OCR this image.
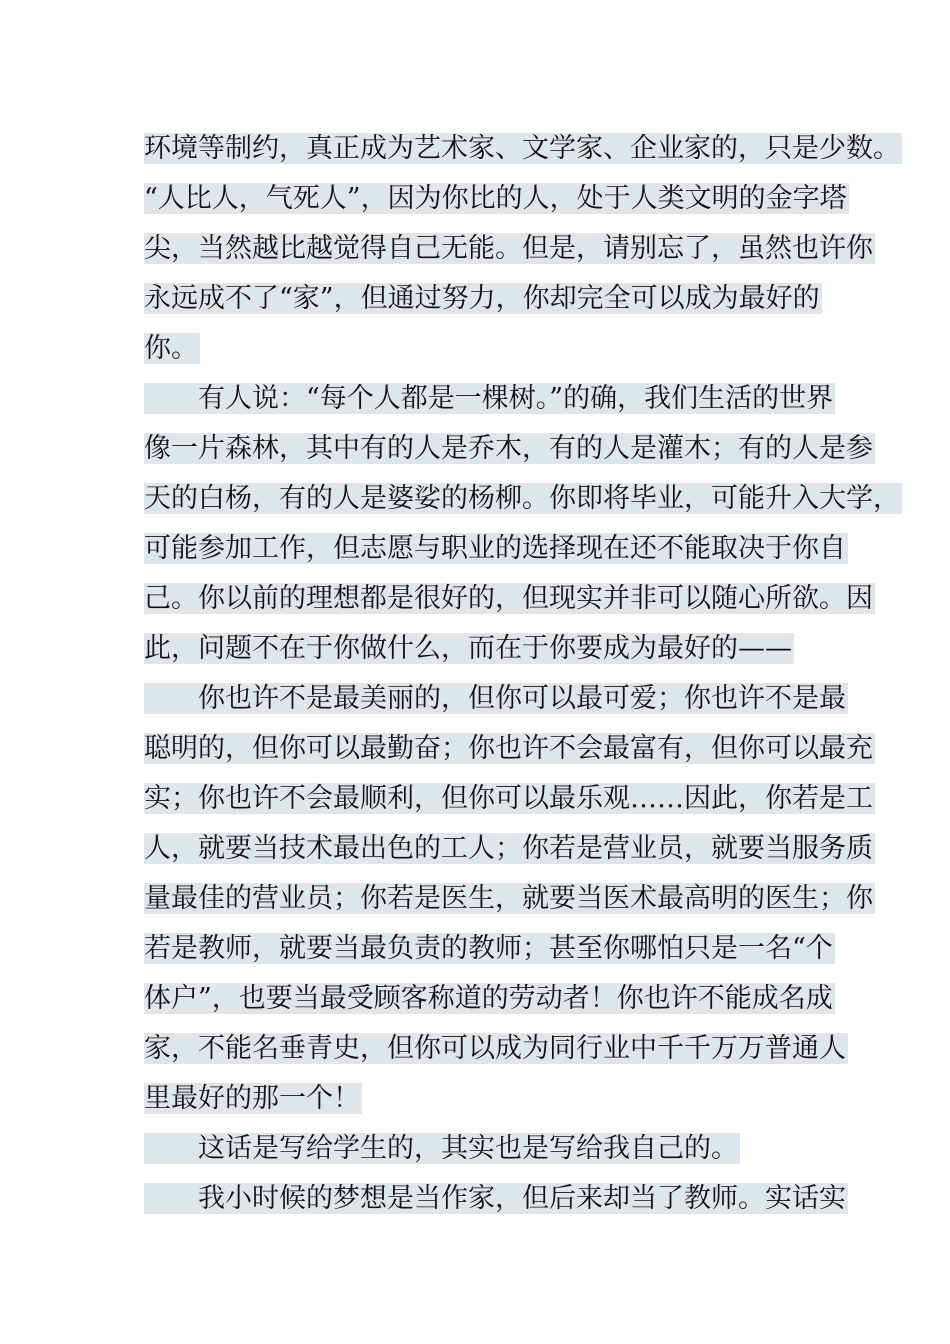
环境等制约，真正成为艺术家、文学家、企业家的，只是少数。
“人比人，气死人”，因为你比的人，处于人类文明的金字塔
尖，当然越比越觉得自己无能。但是，请别忘了，虽然也许你
永远成不了“家”，但通过努力，你却完全可以成为最好的
你。
　　有人说：“每个人都是一棵树。”的确，我们生活的世界
像一片森林，其中有的人是乔木，有的人是灌木；有的人是参
天的白杨，有的人是婆娑的杨柳。你即将毕业，可能升入大学，
可能参加工作，但志愿与职业的选择现在还不能取决于你自
己。你以前的理想都是很好的，但现实并非可以随心所欲。因
此，问题不在于你做什么，而在于你要成为最好的——
　　你也许不是最美丽的，但你可以最可爱；你也许不是最
聪明的，但你可以最勤奋；你也许不会最富有，但你可以最充
实；你也许不会最顺利，但你可以最乐观……因此，你若是工
人，就要当技术最出色的工人；你若是营业员，就要当服务质
量最佳的营业员；你若是医生，就要当医术最高明的医生；你
若是教师，就要当最负责的教师；甚至你哪怕只是一名“个
体户”，也要当最受顾客称道的劳动者！你也许不能成名成
家，不能名垂青史，但你可以成为同行业中千千万万普通人
里最好的那一个！
　　这话是写给学生的，其实也是写给我自己的。
　　我小时候的梦想是当作家，但后来却当了教师。实话实
